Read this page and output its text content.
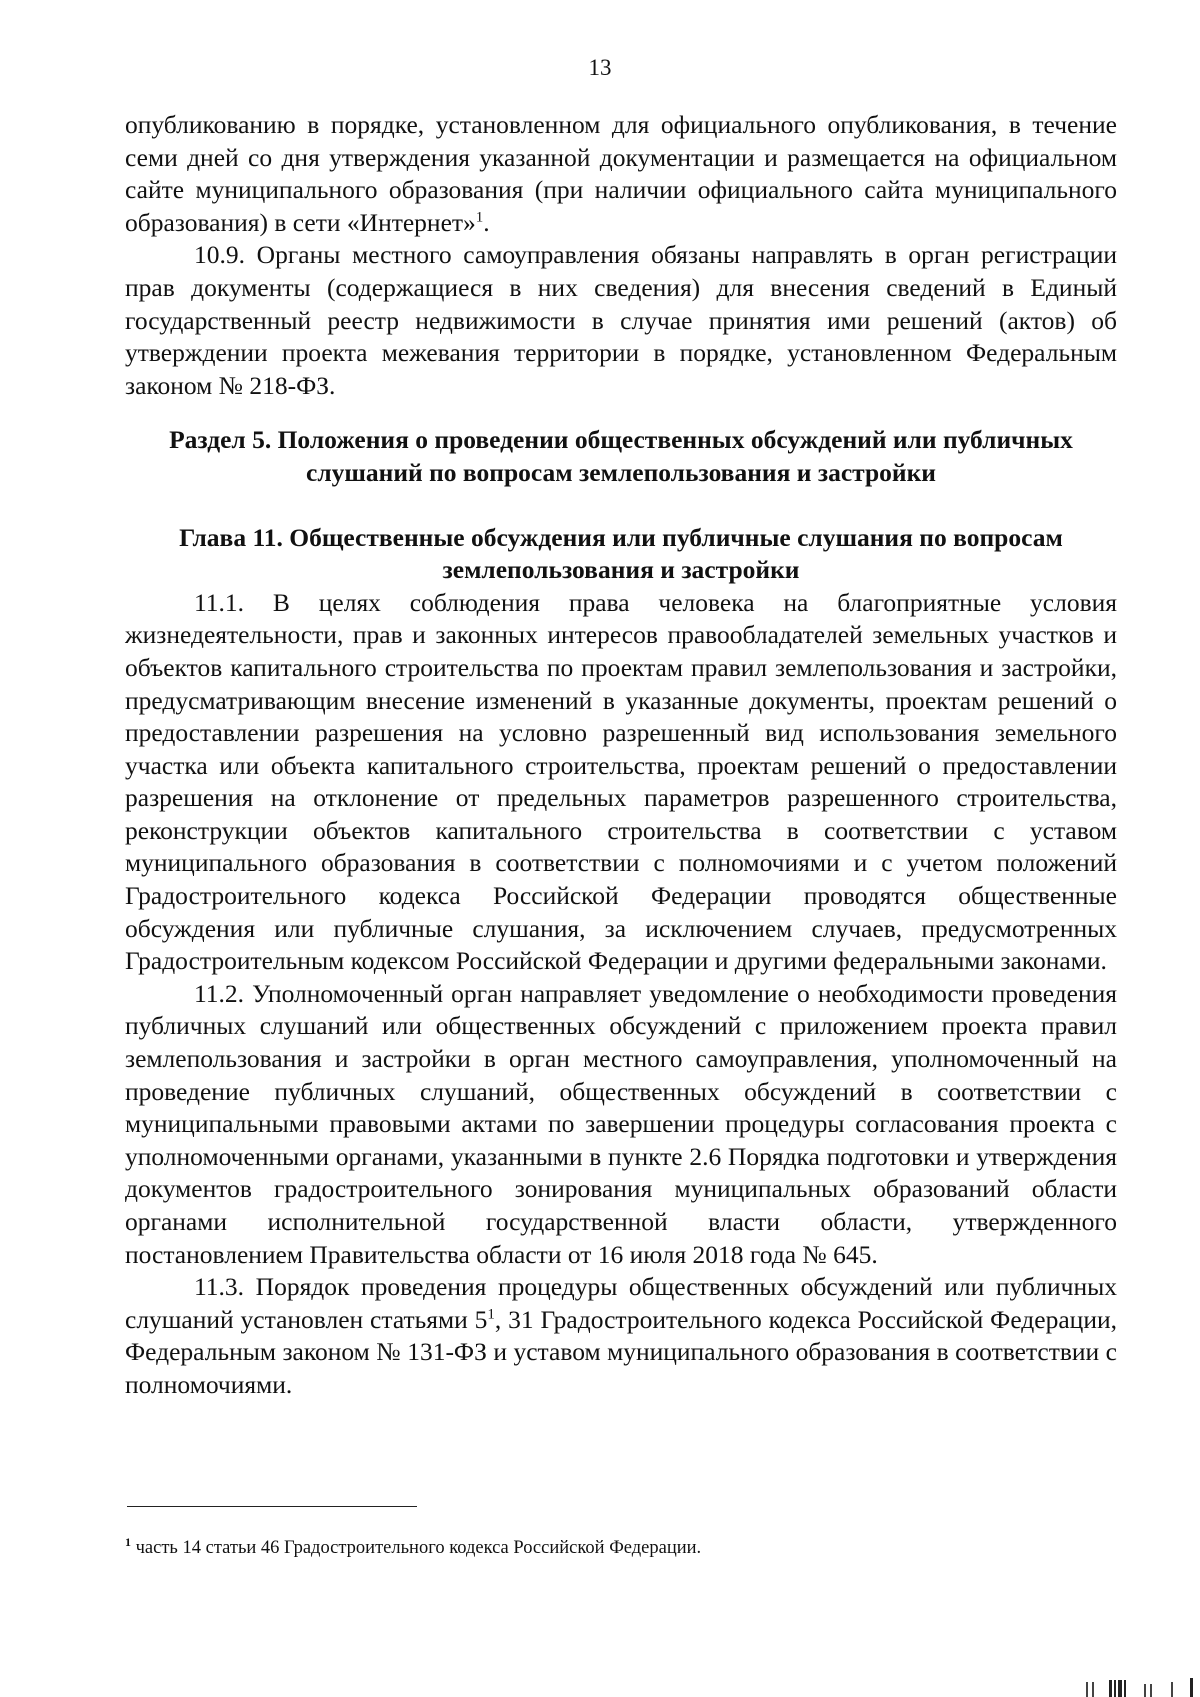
13

опубликованию в порядке, установленном для официального опубликования, в течение семи дней со дня утверждения указанной документации и размещается на официальном сайте муниципального образования (при наличии официального сайта муниципального образования) в сети «Интернет»$^1$.

10.9. Органы местного самоуправления обязаны направлять в орган регистрации прав документы (содержащиеся в них сведения) для внесения сведений в Единый государственный реестр недвижимости в случае принятия ими решений (актов) об утверждении проекта межевания территории в порядке, установленном Федеральным законом № 218-ФЗ.

Раздел 5. Положения о проведении общественных обсуждений или публичных слушаний по вопросам землепользования и застройки
Глава 11. Общественные обсуждения или публичные слушания по вопросам землепользования и застройки

11.1. В целях соблюдения права человека на благоприятные условия жизнедеятельности, прав и законных интересов правообладателей земельных участков и объектов капитального строительства по проектам правил землепользования и застройки, предусматривающим внесение изменений в указанные документы, проектам решений о предоставлении разрешения на условно разрешенный вид использования земельного участка или объекта капитального строительства, проектам решений о предоставлении разрешения на отклонение от предельных параметров разрешенного строительства, реконструкции объектов капитального строительства в соответствии с уставом муниципального образования в соответствии с полномочиями и с учетом положений Градостроительного кодекса Российской Федерации проводятся общественные обсуждения или публичные слушания, за исключением случаев, предусмотренных Градостроительным кодексом Российской Федерации и другими федеральными законами.

11.2. Уполномоченный орган направляет уведомление о необходимости проведения публичных слушаний или общественных обсуждений с приложением проекта правил землепользования и застройки в орган местного самоуправления, уполномоченный на проведение публичных слушаний, общественных обсуждений в соответствии с муниципальными правовыми актами по завершении процедуры согласования проекта с уполномоченными органами, указанными в пункте 2.6 Порядка подготовки и утверждения документов градостроительного зонирования муниципальных образований области органами исполнительной государственной власти области, утвержденного постановлением Правительства области от 16 июля 2018 года № 645.

11.3. Порядок проведения процедуры общественных обсуждений или публичных слушаний установлен статьями $5^1$, 31 Градостроительного кодекса Российской Федерации, Федеральным законом № 131-ФЗ и уставом муниципального образования в соответствии с полномочиями.

$^1$ часть 14 статьи 46 Градостроительного кодекса Российской Федерации.
